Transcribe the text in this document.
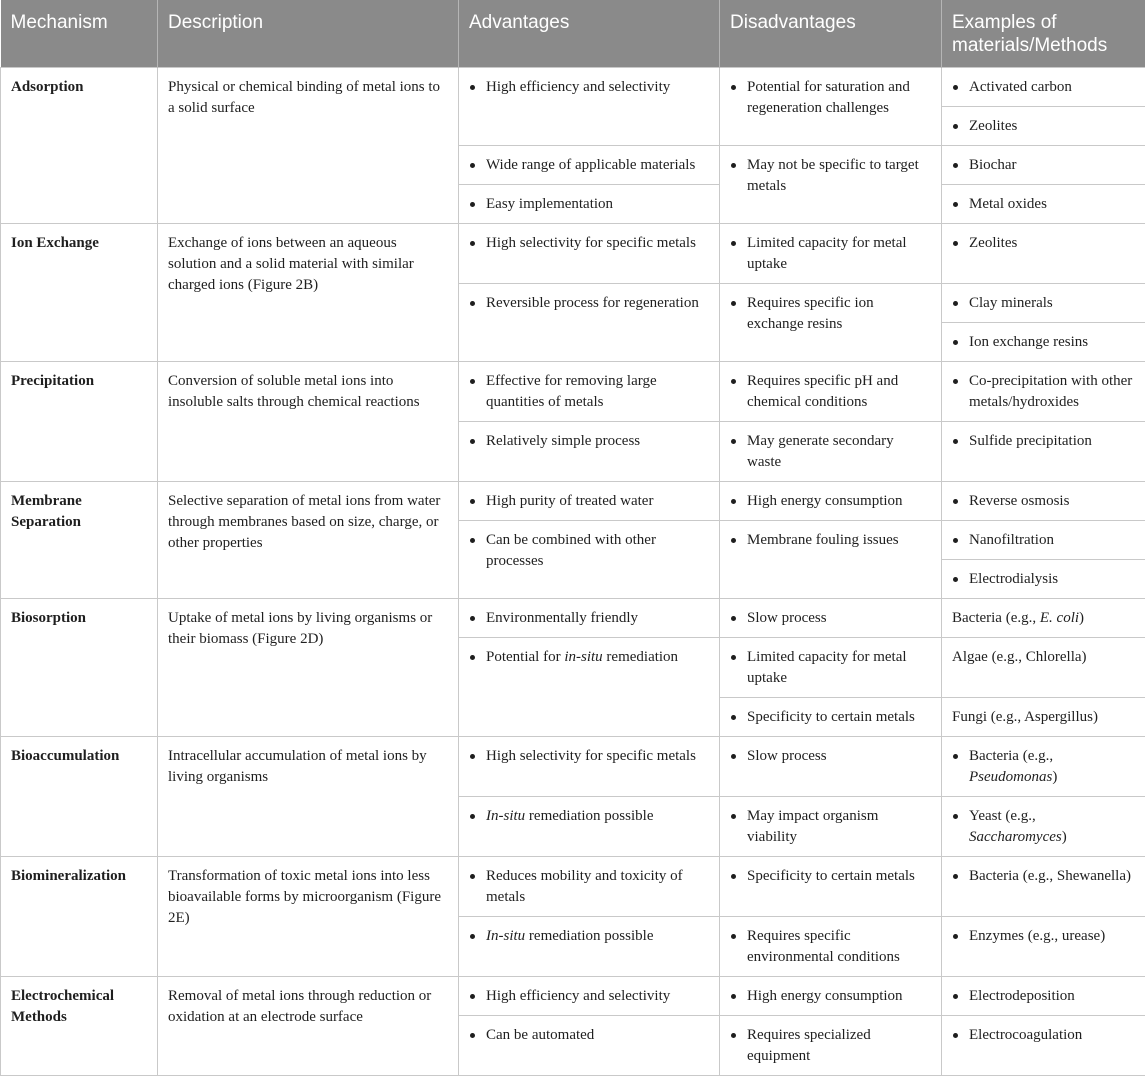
Mechanism	Description	Advantages	Disadvantages	Examples of materials/Methods
Adsorption	Physical or chemical binding of metal ions to a solid surface	High efficiency and selectivity	Potential for saturation and regeneration challenges	Activated carbon
				Zeolites
		Wide range of applicable materials	May not be specific to target metals	Biochar
		Easy implementation		Metal oxides
Ion Exchange	Exchange of ions between an aqueous solution and a solid material with similar charged ions (Figure 2B)	High selectivity for specific metals	Limited capacity for metal uptake	Zeolites
		Reversible process for regeneration	Requires specific ion exchange resins	Clay minerals
				Ion exchange resins
Precipitation	Conversion of soluble metal ions into insoluble salts through chemical reactions	Effective for removing large quantities of metals	Requires specific pH and chemical conditions	Co-precipitation with other metals/hydroxides
		Relatively simple process	May generate secondary waste	Sulfide precipitation
Membrane Separation	Selective separation of metal ions from water through membranes based on size, charge, or other properties	High purity of treated water	High energy consumption	Reverse osmosis
		Can be combined with other processes	Membrane fouling issues	Nanofiltration
				Electrodialysis
Biosorption	Uptake of metal ions by living organisms or their biomass (Figure 2D)	Environmentally friendly	Slow process	Bacteria (e.g., E. coli)
		Potential for in-situ remediation	Limited capacity for metal uptake	Algae (e.g., Chlorella)
			Specificity to certain metals	Fungi (e.g., Aspergillus)
Bioaccumulation	Intracellular accumulation of metal ions by living organisms	High selectivity for specific metals	Slow process	Bacteria (e.g., Pseudomonas)
		In-situ remediation possible	May impact organism viability	Yeast (e.g., Saccharomyces)
Biomineralization	Transformation of toxic metal ions into less bioavailable forms by microorganism (Figure 2E)	Reduces mobility and toxicity of metals	Specificity to certain metals	Bacteria (e.g., Shewanella)
		In-situ remediation possible	Requires specific environmental conditions	Enzymes (e.g., urease)
Electrochemical Methods	Removal of metal ions through reduction or oxidation at an electrode surface	High efficiency and selectivity	High energy consumption	Electrodeposition
		Can be automated	Requires specialized equipment	Electrocoagulation
